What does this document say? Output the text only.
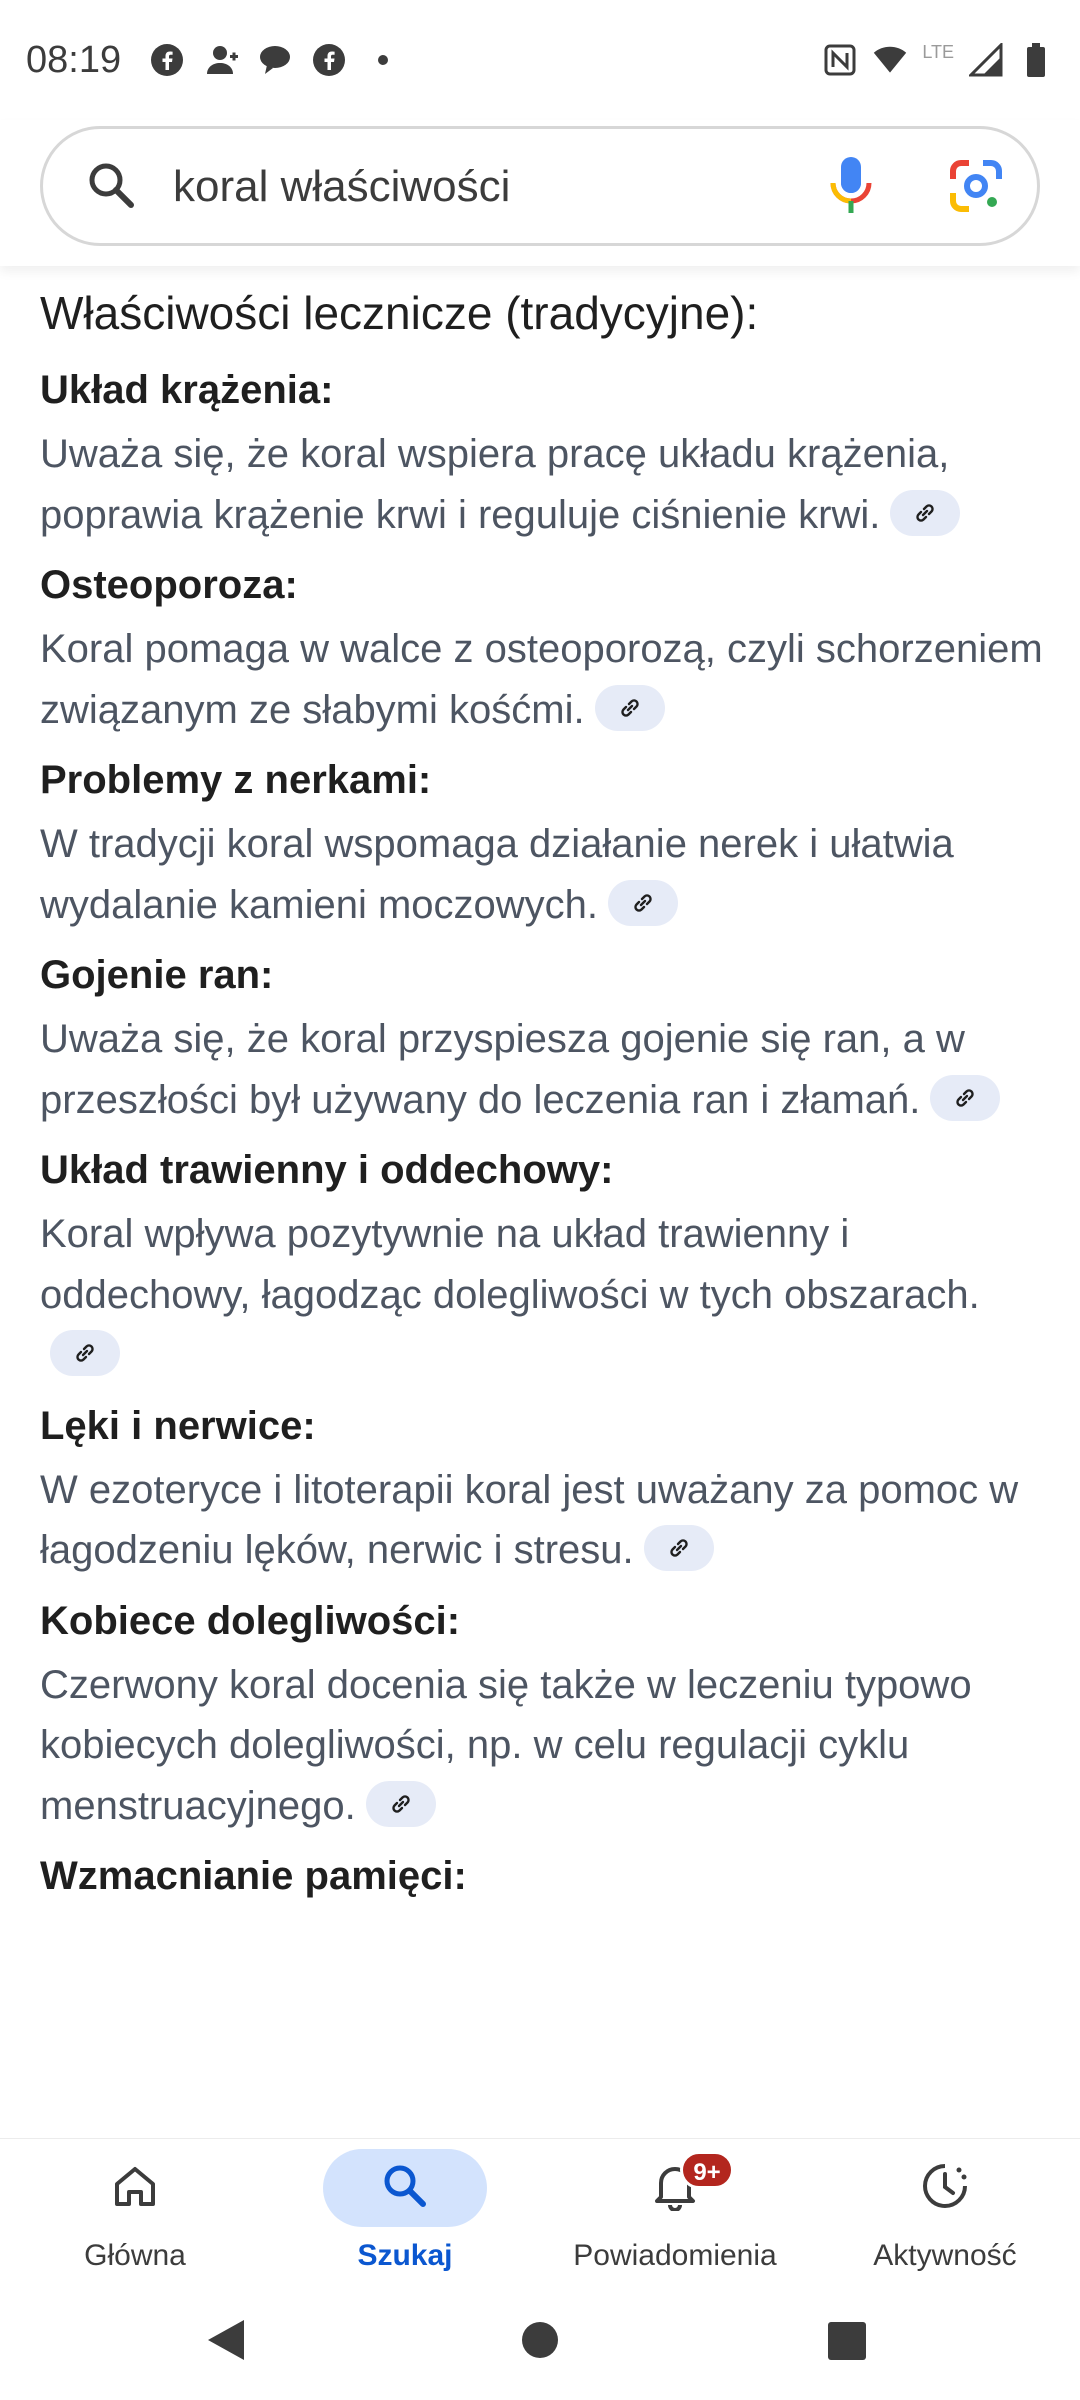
08:19	LTE
koral właściwości
Właściwości lecznicze (tradycyjne):
Układ krążenia:

Uważa się, że koral wspiera pracę układu krążenia, poprawia krążenie krwi i reguluje ciśnienie krwi.

Osteoporoza:

Koral pomaga w walce z osteoporozą, czyli schorzeniem związanym ze słabymi kośćmi.

Problemy z nerkami:

W tradycji koral wspomaga działanie nerek i ułatwia wydalanie kamieni moczowych.

Gojenie ran:

Uważa się, że koral przyspiesza gojenie się ran, a w przeszłości był używany do leczenia ran i złamań.

Układ trawienny i oddechowy:

Koral wpływa pozytywnie na układ trawienny i oddechowy, łagodząc dolegliwości w tych obszarach.

Lęki i nerwice:

W ezoteryce i litoterapii koral jest uważany za pomoc w łagodzeniu lęków, nerwic i stresu.

Kobiece dolegliwości:

Czerwony koral docenia się także w leczeniu typowo kobiecych dolegliwości, np. w celu regulacji cyklu menstruacyjnego.

Wzmacnianie pamięci:
Główna	Szukaj
9+
Powiadomienia	Aktywność
